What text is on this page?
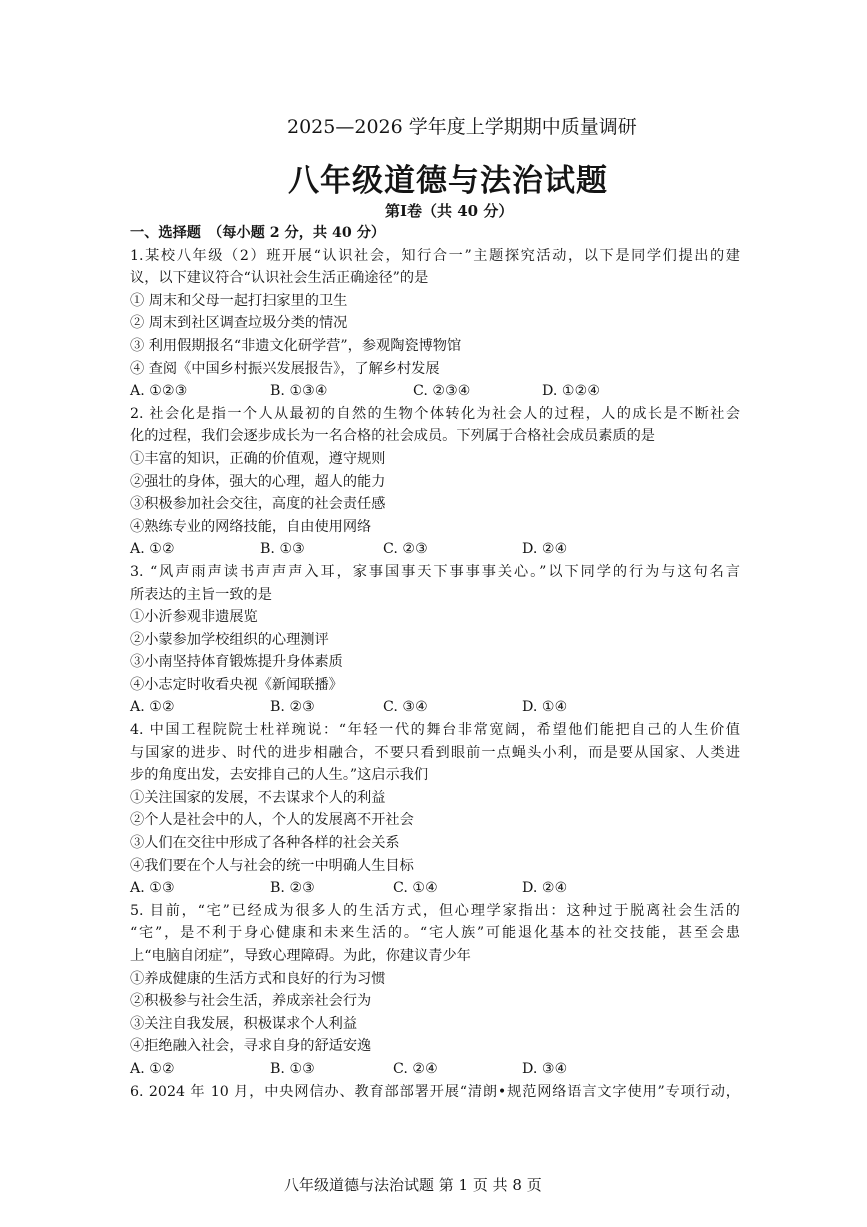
2025—2026 学年度上学期期中质量调研
八年级道德与法治试题
第Ⅰ卷（共 40 分）
一、选择题　（每小题 2 分，共 40 分）
1.某校八年级（2）班开展“认识社会，知行合一”主题探究活动，以下是同学们提出的建
议，以下建议符合“认识社会生活正确途径”的是
① 周末和父母一起打扫家里的卫生
② 周末到社区调查垃圾分类的情况
③ 利用假期报名“非遗文化研学营”，参观陶瓷博物馆
④ 查阅《中国乡村振兴发展报告》，了解乡村发展
A. ①②③	B. ①③④	C. ②③④	D. ①②④
2. 社会化是指一个人从最初的自然的生物个体转化为社会人的过程，人的成长是不断社会
化的过程，我们会逐步成长为一名合格的社会成员。下列属于合格社会成员素质的是
①丰富的知识，正确的价值观，遵守规则
②强壮的身体，强大的心理，超人的能力
③积极参加社会交往，高度的社会责任感
④熟练专业的网络技能，自由使用网络
A. ①②	B. ①③	C. ②③	D. ②④
3. “风声雨声读书声声声入耳，家事国事天下事事事关心。”以下同学的行为与这句名言
所表达的主旨一致的是
①小沂参观非遗展览
②小蒙参加学校组织的心理测评
③小南坚持体育锻炼提升身体素质
④小志定时收看央视《新闻联播》
A. ①②	B. ②③	C. ③④	D. ①④
4. 中国工程院院士杜祥琬说：“年轻一代的舞台非常宽阔，希望他们能把自己的人生价值
与国家的进步、时代的进步相融合，不要只看到眼前一点蝇头小利，而是要从国家、人类进
步的角度出发，去安排自己的人生。”这启示我们
①关注国家的发展，不去谋求个人的利益
②个人是社会中的人，个人的发展离不开社会
③人们在交往中形成了各种各样的社会关系
④我们要在个人与社会的统一中明确人生目标
A. ①③	B. ②③	C. ①④	D. ②④
5. 目前，“宅”已经成为很多人的生活方式，但心理学家指出：这种过于脱离社会生活的
“宅”，是不利于身心健康和未来生活的。“宅人族”可能退化基本的社交技能，甚至会患
上“电脑自闭症”，导致心理障碍。为此，你建议青少年
①养成健康的生活方式和良好的行为习惯
②积极参与社会生活，养成亲社会行为
③关注自我发展，积极谋求个人利益
④拒绝融入社会，寻求自身的舒适安逸
A. ①②	B. ①③	C. ②④	D. ③④
6. 2024 年 10 月，中央网信办、教育部部署开展“清朗•规范网络语言文字使用”专项行动，
八年级道德与法治试题 第 1 页 共 8 页
